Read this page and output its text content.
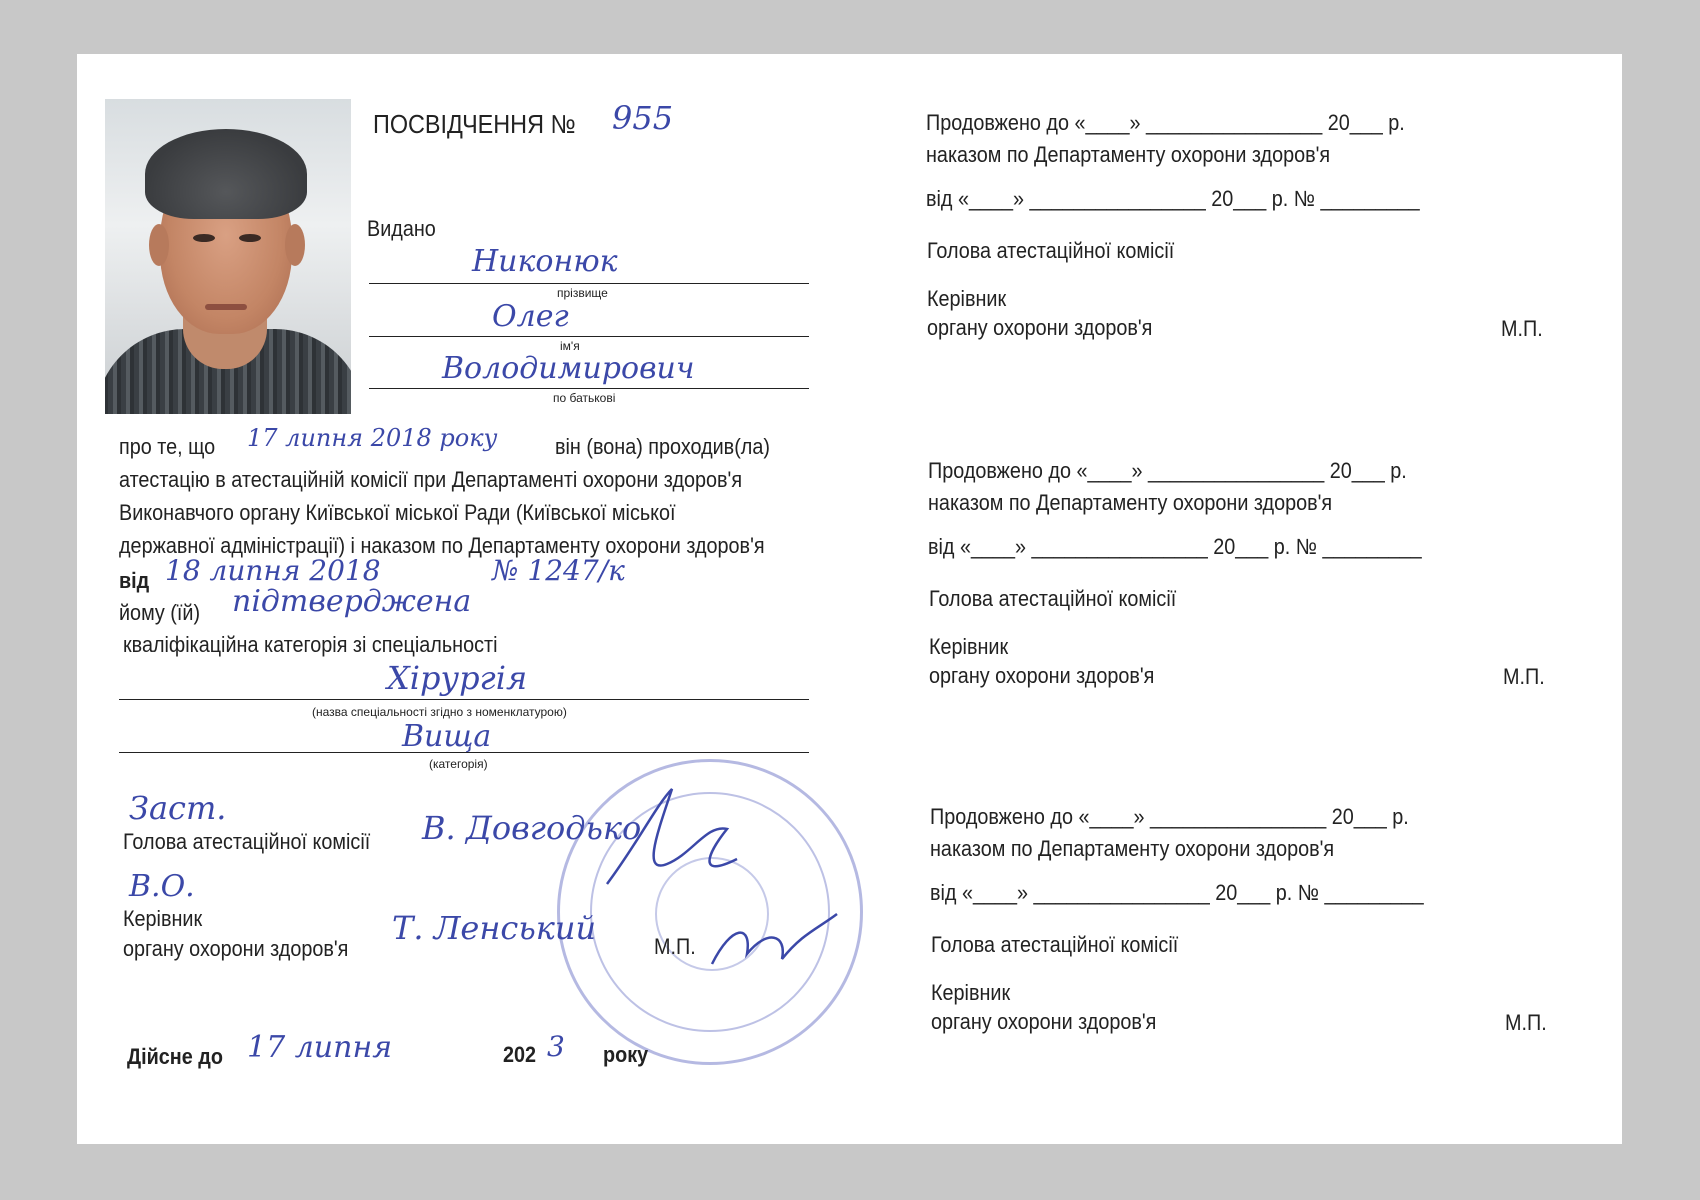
ПОСВІДЧЕННЯ № 955
Видано
Никонюк
прізвище
Олег
ім'я
Володимирович
по батькові
про те, що 17 липня 2018 року	він (вона) проходив(ла)
атестацію в атестаційній комісії при Департаменті охорони здоров'я
Виконавчого органу Київської міської Ради (Київської міської
державної адміністрації) і наказом по Департаменту охорони здоров'я
від 18 липня 2018	№ 1247/к
йому (їй) підтверджена
кваліфікаційна категорія зі спеціальності
Хірургія
(назва спеціальності згідно з номенклатурою)
Вища
(категорія)
Заст.
Голова атестаційної комісії В. Довгодько
В.О.
Керівник
органу охорони здоров'я
Т. Ленський	М.П.
Дійсне до 17 липня	202 3 року
Продовжено до «____» ________________ 20___ р.
наказом по Департаменту охорони здоров'я
від «____» ________________ 20___ р. № _________
Голова атестаційної комісії
Керівник
органу охорони здоров'я	М.П.
Продовжено до «____» ________________ 20___ р.
наказом по Департаменту охорони здоров'я
від «____» ________________ 20___ р. № _________
Голова атестаційної комісії
Керівник
органу охорони здоров'я	М.П.
Продовжено до «____» ________________ 20___ р.
наказом по Департаменту охорони здоров'я
від «____» ________________ 20___ р. № _________
Голова атестаційної комісії
Керівник
органу охорони здоров'я	М.П.
